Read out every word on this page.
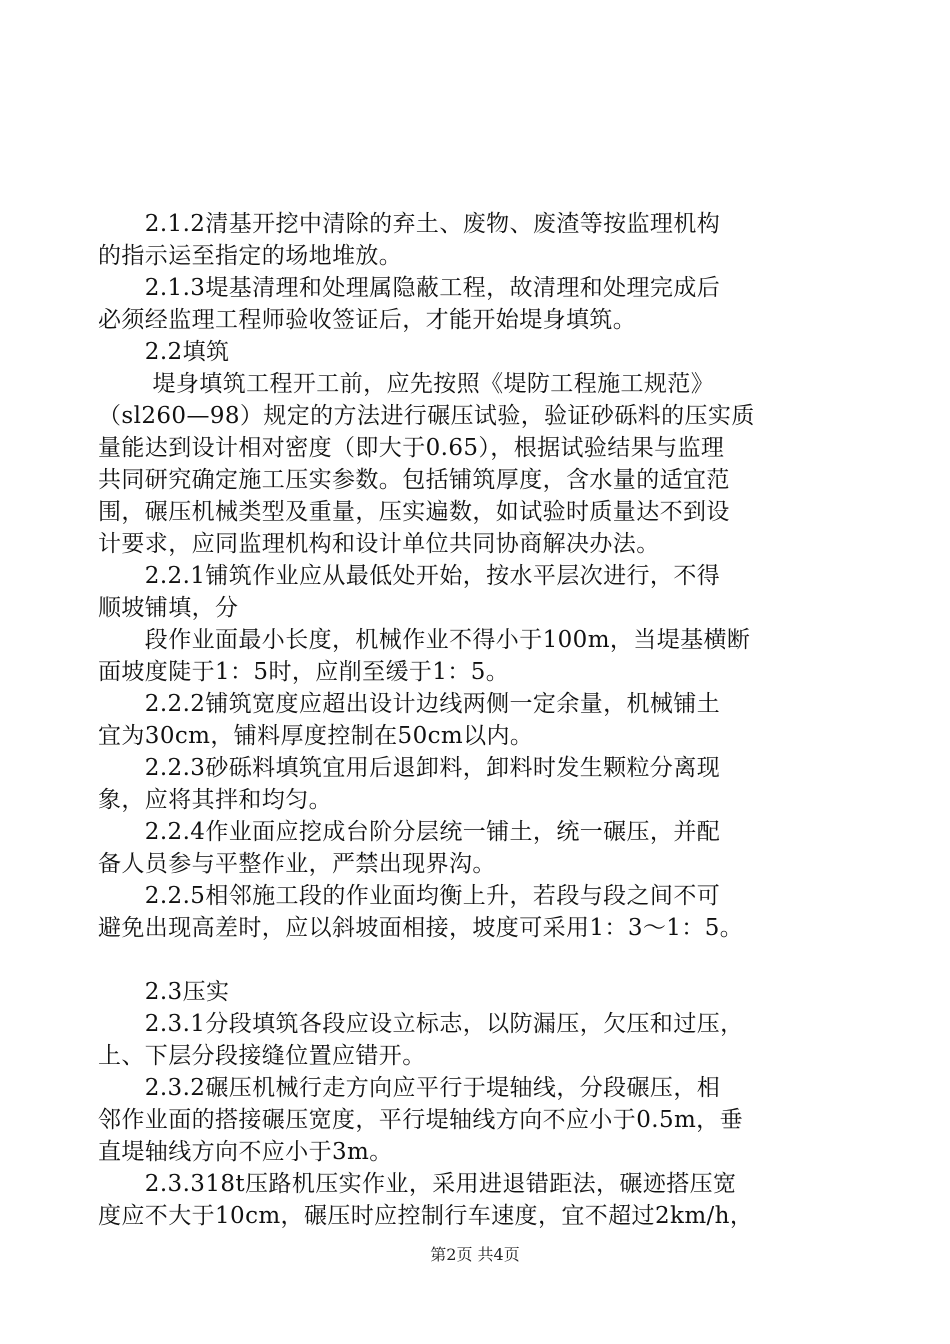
　　2.1.2清基开挖中清除的弃土、废物、废渣等按监理机构
的指示运至指定的场地堆放。
　　2.1.3堤基清理和处理属隐蔽工程，故清理和处理完成后
必须经监理工程师验收签证后，才能开始堤身填筑。
　　2.2填筑
　　 堤身填筑工程开工前，应先按照《堤防工程施工规范》
（sl260—98）规定的方法进行碾压试验，验证砂砾料的压实质
量能达到设计相对密度（即大于0.65），根据试验结果与监理
共同研究确定施工压实参数。包括铺筑厚度，含水量的适宜范
围，碾压机械类型及重量，压实遍数，如试验时质量达不到设
计要求，应同监理机构和设计单位共同协商解决办法。
　　2.2.1铺筑作业应从最低处开始，按水平层次进行，不得
顺坡铺填，分
　　段作业面最小长度，机械作业不得小于100m，当堤基横断
面坡度陡于1：5时，应削至缓于1：5。
　　2.2.2铺筑宽度应超出设计边线两侧一定余量，机械铺土
宜为30cm，铺料厚度控制在50cm以内。
　　2.2.3砂砾料填筑宜用后退卸料，卸料时发生颗粒分离现
象，应将其拌和均匀。
　　2.2.4作业面应挖成台阶分层统一铺土，统一碾压，并配
备人员参与平整作业，严禁出现界沟。
　　2.2.5相邻施工段的作业面均衡上升，若段与段之间不可
避免出现高差时，应以斜坡面相接，坡度可采用1：3～1：5。
　　2.3压实
　　2.3.1分段填筑各段应设立标志，以防漏压，欠压和过压，
上、下层分段接缝位置应错开。
　　2.3.2碾压机械行走方向应平行于堤轴线，分段碾压，相
邻作业面的搭接碾压宽度，平行堤轴线方向不应小于0.5m，垂
直堤轴线方向不应小于3m。
　　2.3.318t压路机压实作业，采用进退错距法，碾迹搭压宽
度应不大于10cm，碾压时应控制行车速度，宜不超过2km/h，
第2页 共4页
